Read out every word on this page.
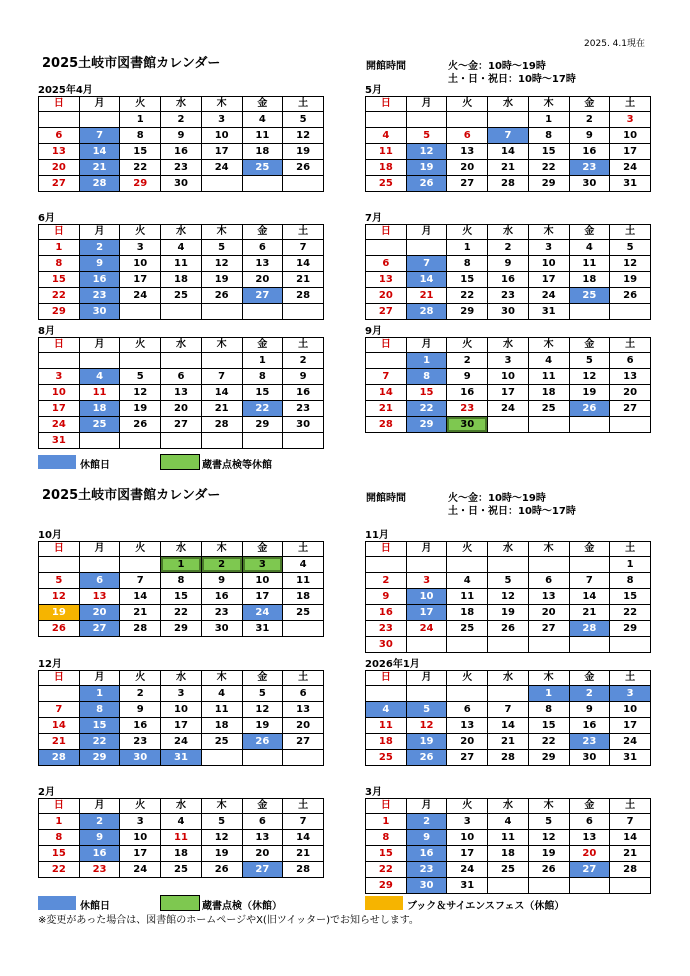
2025. 4.1現在
2025土岐市図書館カレンダー	開館時間	火～金：10時～19時
土・日・祝日：10時～17時
2025年4月
日	月	火	水	木	金	土
		1	2	3	4	5
6	7	8	9	10	11	12
13	14	15	16	17	18	19
20	21	22	23	24	25	26
27	28	29	30			
5月
日	月	火	水	木	金	土
				1	2	3
4	5	6	7	8	9	10
11	12	13	14	15	16	17
18	19	20	21	22	23	24
25	26	27	28	29	30	31
6月
日	月	火	水	木	金	土
1	2	3	4	5	6	7
8	9	10	11	12	13	14
15	16	17	18	19	20	21
22	23	24	25	26	27	28
29	30					
7月
日	月	火	水	木	金	土
		1	2	3	4	5
6	7	8	9	10	11	12
13	14	15	16	17	18	19
20	21	22	23	24	25	26
27	28	29	30	31		
8月
日	月	火	水	木	金	土
					1	2
3	4	5	6	7	8	9
10	11	12	13	14	15	16
17	18	19	20	21	22	23
24	25	26	27	28	29	30
31						
9月
日	月	火	水	木	金	土
	1	2	3	4	5	6
7	8	9	10	11	12	13
14	15	16	17	18	19	20
21	22	23	24	25	26	27
28	29	30				
休館日	蔵書点検等休館
2025土岐市図書館カレンダー	開館時間	火～金：10時～19時
土・日・祝日：10時～17時
10月
日	月	火	水	木	金	土
			1	2	3	4
5	6	7	8	9	10	11
12	13	14	15	16	17	18
19	20	21	22	23	24	25
26	27	28	29	30	31	
11月
日	月	火	水	木	金	土
						1
2	3	4	5	6	7	8
9	10	11	12	13	14	15
16	17	18	19	20	21	22
23	24	25	26	27	28	29
30						
12月
日	月	火	水	木	金	土
	1	2	3	4	5	6
7	8	9	10	11	12	13
14	15	16	17	18	19	20
21	22	23	24	25	26	27
28	29	30	31			
2026年1月
日	月	火	水	木	金	土
				1	2	3
4	5	6	7	8	9	10
11	12	13	14	15	16	17
18	19	20	21	22	23	24
25	26	27	28	29	30	31
2月
日	月	火	水	木	金	土
1	2	3	4	5	6	7
8	9	10	11	12	13	14
15	16	17	18	19	20	21
22	23	24	25	26	27	28
3月
日	月	火	水	木	金	土
1	2	3	4	5	6	7
8	9	10	11	12	13	14
15	16	17	18	19	20	21
22	23	24	25	26	27	28
29	30	31				
休館日	蔵書点検（休館）	ブック＆サイエンスフェス（休館）
※変更があった場合は、図書館のホームページやX(旧ツイッター)でお知らせします。
